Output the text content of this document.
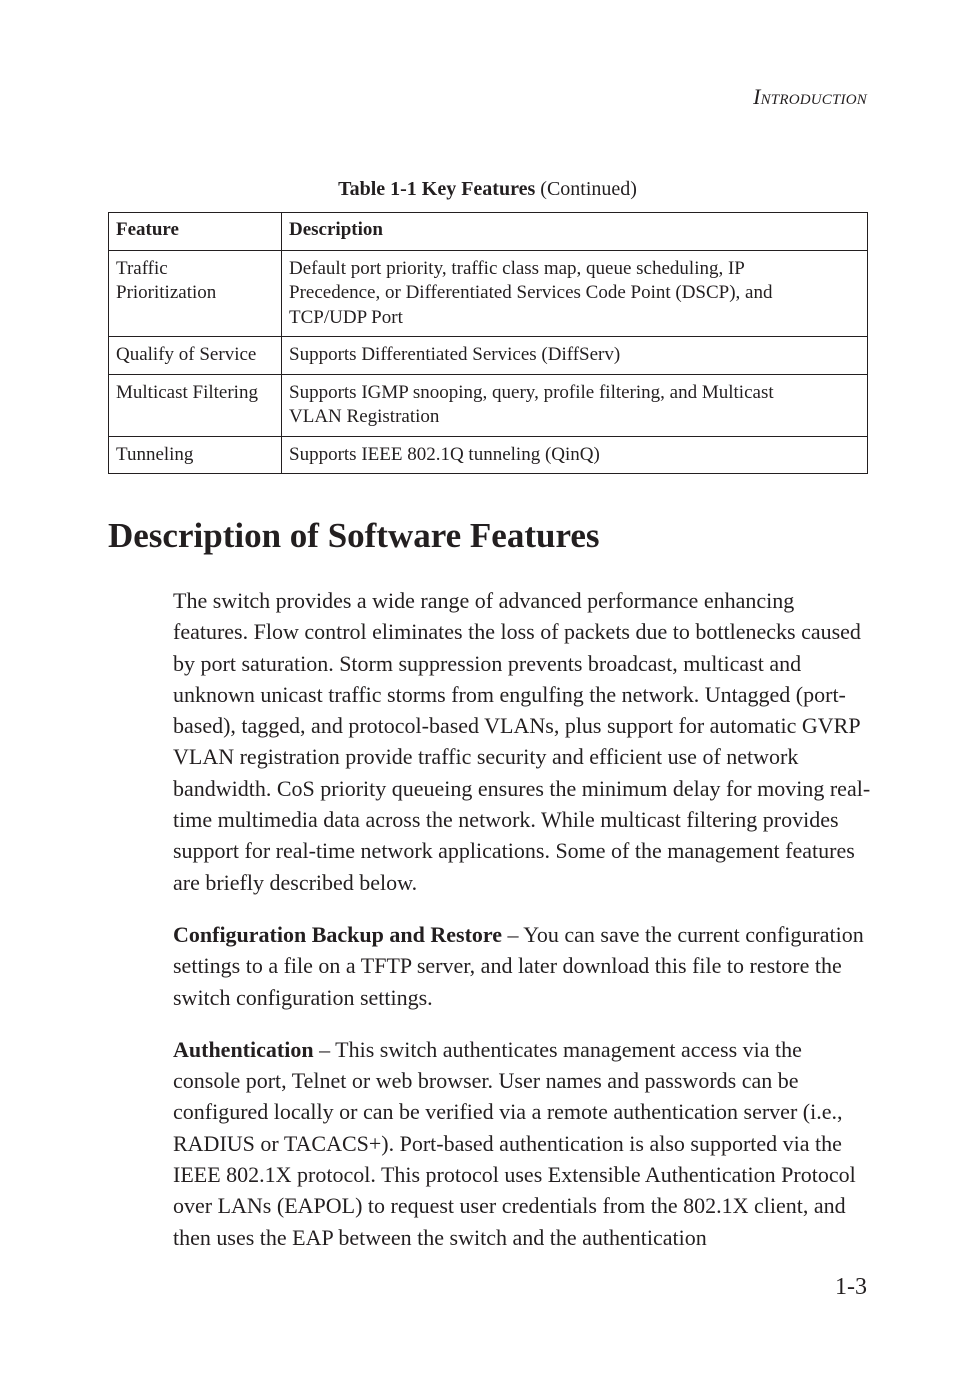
Introduction
Table 1-1 Key Features (Continued)
Feature	Description
Traffic Prioritization	Default port priority, traffic class map, queue scheduling, IP Precedence, or Differentiated Services Code Point (DSCP), and TCP/UDP Port
Qualify of Service	Supports Differentiated Services (DiffServ)
Multicast Filtering	Supports IGMP snooping, query, profile filtering, and Multicast VLAN Registration
Tunneling	Supports IEEE 802.1Q tunneling (QinQ)
Description of Software Features

The switch provides a wide range of advanced performance enhancing features. Flow control eliminates the loss of packets due to bottlenecks caused by port saturation. Storm suppression prevents broadcast, multicast and unknown unicast traffic storms from engulfing the network. Untagged (port-based), tagged, and protocol-based VLANs, plus support for automatic GVRP VLAN registration provide traffic security and efficient use of network bandwidth. CoS priority queueing ensures the minimum delay for moving real-time multimedia data across the network. While multicast filtering provides support for real-time network applications. Some of the management features are briefly described below.

Configuration Backup and Restore – You can save the current configuration settings to a file on a TFTP server, and later download this file to restore the switch configuration settings.

Authentication – This switch authenticates management access via the console port, Telnet or web browser. User names and passwords can be configured locally or can be verified via a remote authentication server (i.e., RADIUS or TACACS+). Port-based authentication is also supported via the IEEE 802.1X protocol. This protocol uses Extensible Authentication Protocol over LANs (EAPOL) to request user credentials from the 802.1X client, and then uses the EAP between the switch and the authentication

1-3
